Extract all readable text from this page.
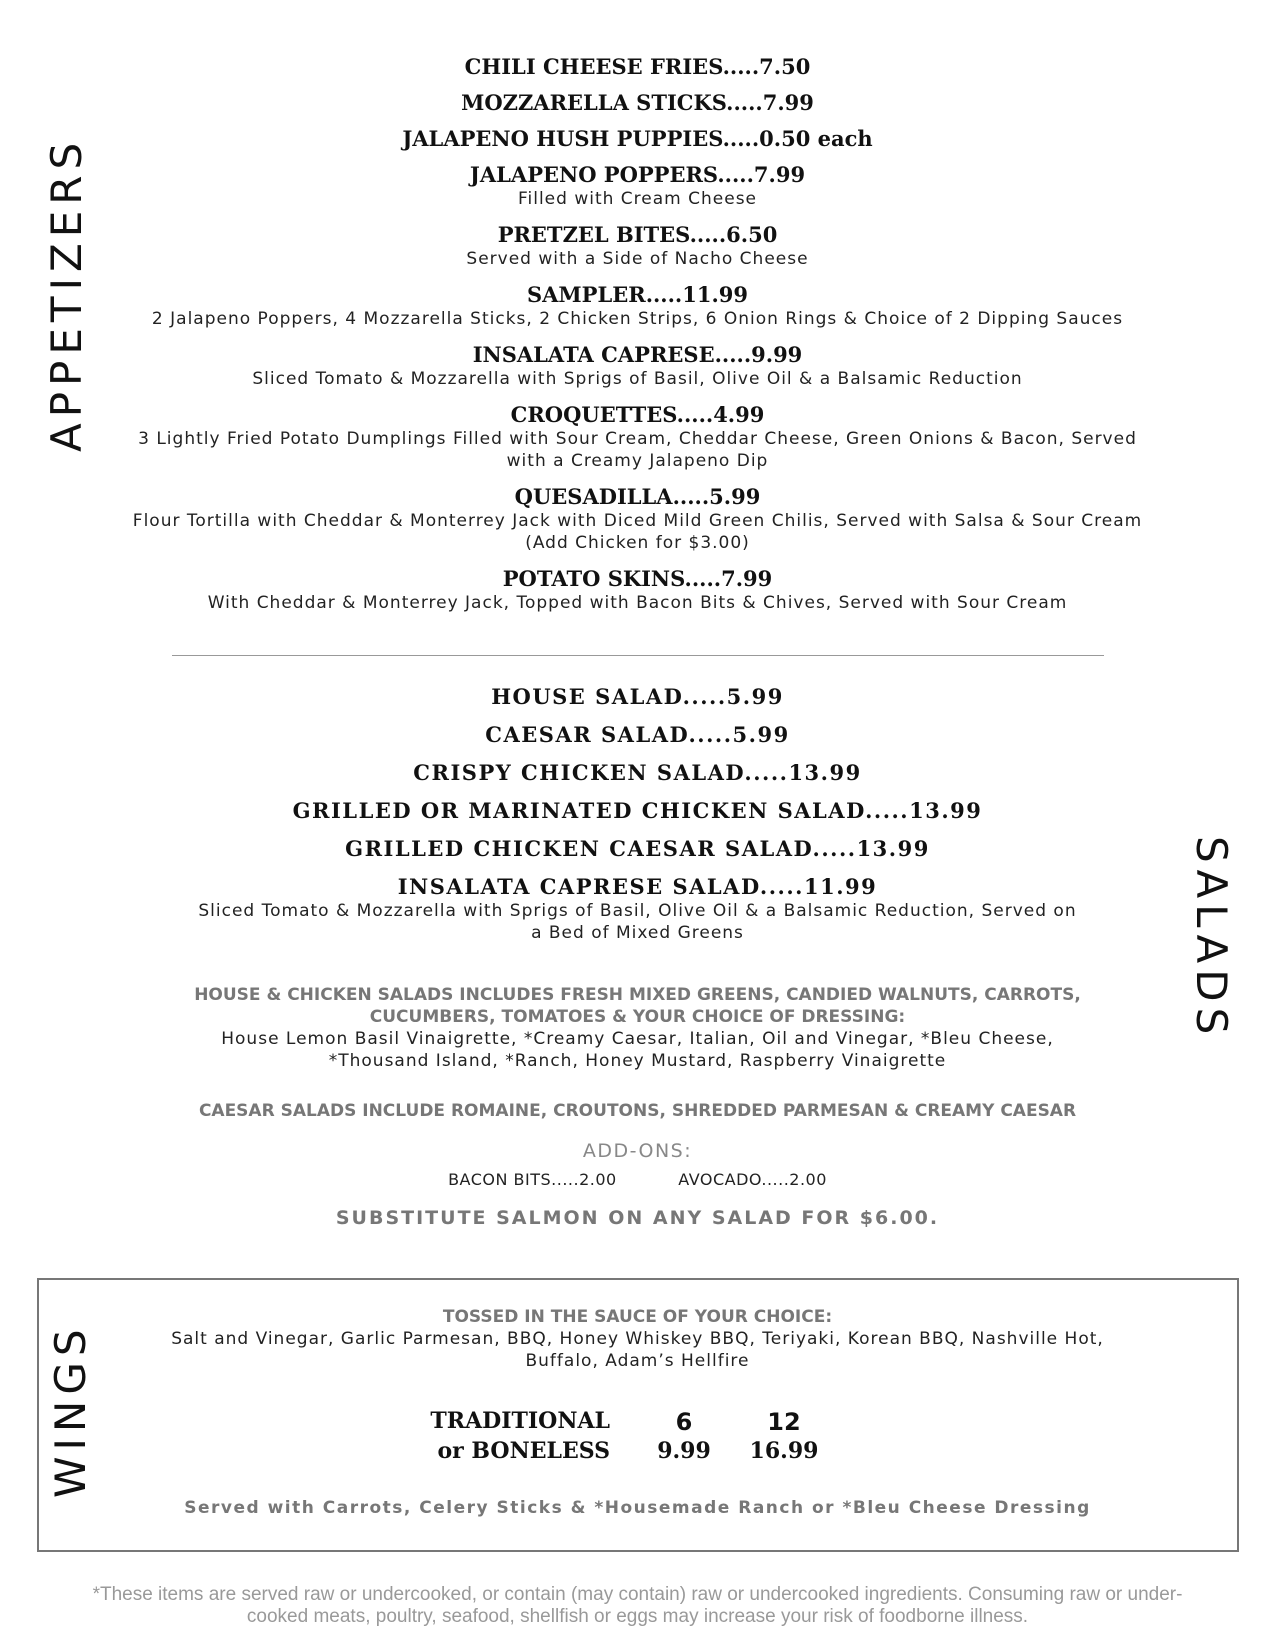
APPETIZERS
SALADS
WINGS
CHILI CHEESE FRIES.....7.50
MOZZARELLA STICKS.....7.99
JALAPENO HUSH PUPPIES.....0.50 each
JALAPENO POPPERS.....7.99
Filled with Cream Cheese
PRETZEL BITES.....6.50
Served with a Side of Nacho Cheese
SAMPLER.....11.99
2 Jalapeno Poppers, 4 Mozzarella Sticks, 2 Chicken Strips, 6 Onion Rings & Choice of 2 Dipping Sauces
INSALATA CAPRESE.....9.99
Sliced Tomato & Mozzarella with Sprigs of Basil, Olive Oil & a Balsamic Reduction
CROQUETTES.....4.99
3 Lightly Fried Potato Dumplings Filled with Sour Cream, Cheddar Cheese, Green Onions & Bacon, Served
with a Creamy Jalapeno Dip
QUESADILLA.....5.99
Flour Tortilla with Cheddar & Monterrey Jack with Diced Mild Green Chilis, Served with Salsa & Sour Cream
(Add Chicken for $3.00)
POTATO SKINS.....7.99
With Cheddar & Monterrey Jack, Topped with Bacon Bits & Chives, Served with Sour Cream
HOUSE SALAD.....5.99
CAESAR SALAD.....5.99
CRISPY CHICKEN SALAD.....13.99
GRILLED OR MARINATED CHICKEN SALAD.....13.99
GRILLED CHICKEN CAESAR SALAD.....13.99
INSALATA CAPRESE SALAD.....11.99
Sliced Tomato & Mozzarella with Sprigs of Basil, Olive Oil & a Balsamic Reduction, Served on
a Bed of Mixed Greens
HOUSE & CHICKEN SALADS INCLUDES FRESH MIXED GREENS, CANDIED WALNUTS, CARROTS,
CUCUMBERS, TOMATOES & YOUR CHOICE OF DRESSING:
House Lemon Basil Vinaigrette, *Creamy Caesar, Italian, Oil and Vinegar, *Bleu Cheese,
*Thousand Island, *Ranch, Honey Mustard, Raspberry Vinaigrette
CAESAR SALADS INCLUDE ROMAINE, CROUTONS, SHREDDED PARMESAN & CREAMY CAESAR
ADD-ONS:
BACON BITS.....2.00	AVOCADO.....2.00
SUBSTITUTE SALMON ON ANY SALAD FOR $6.00.
TOSSED IN THE SAUCE OF YOUR CHOICE:
Salt and Vinegar, Garlic Parmesan, BBQ, Honey Whiskey BBQ, Teriyaki, Korean BBQ, Nashville Hot,
Buffalo, Adam’s Hellfire
TRADITIONAL
or BONELESS
6	12
9.99	16.99
Served with Carrots, Celery Sticks & *Housemade Ranch or *Bleu Cheese Dressing
*These items are served raw or undercooked, or contain (may contain) raw or undercooked ingredients. Consuming raw or under-
cooked meats, poultry, seafood, shellfish or eggs may increase your risk of foodborne illness.
